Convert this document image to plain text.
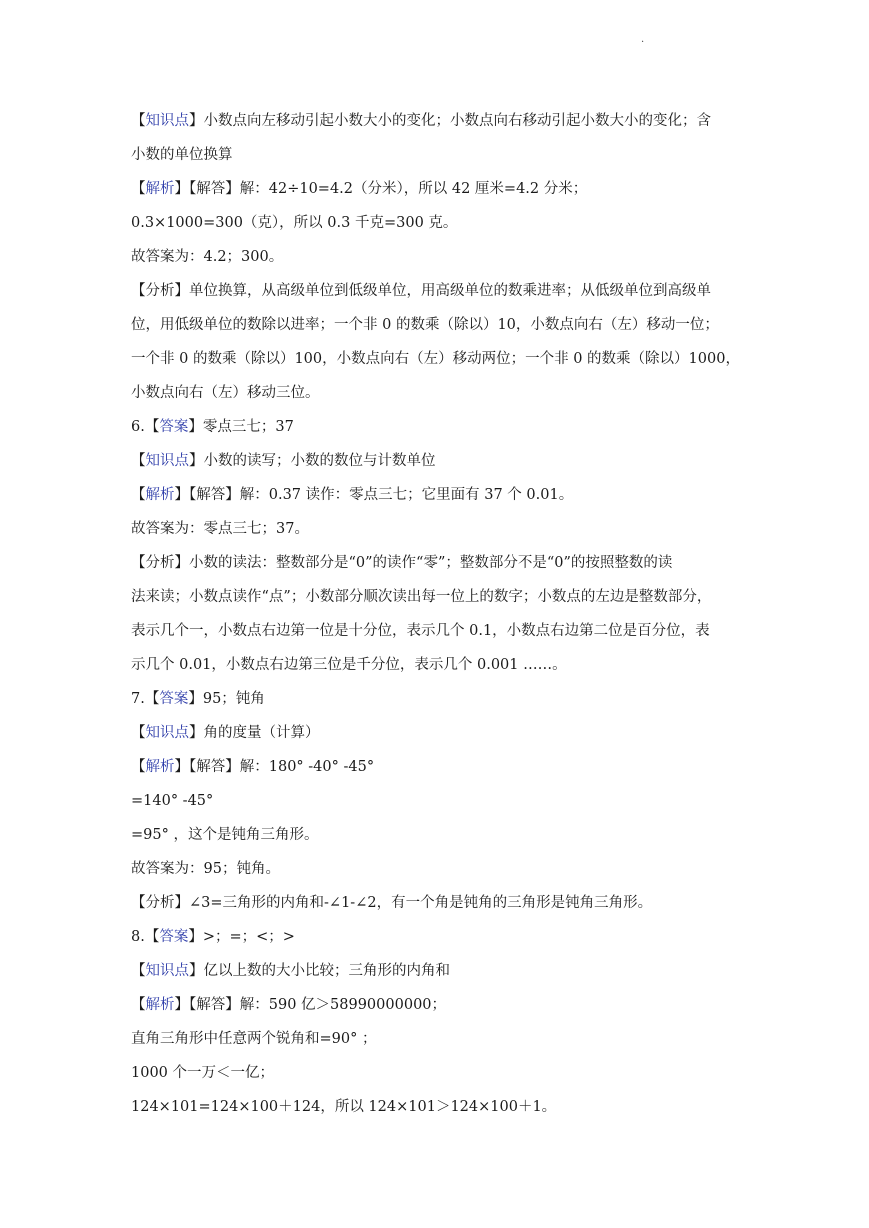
.
【知识点】小数点向左移动引起小数大小的变化；小数点向右移动引起小数大小的变化；含
小数的单位换算
【解析】【解答】解：42÷10=4.2（分米），所以 42 厘米=4.2 分米；
0.3×1000=300（克），所以 0.3 千克=300 克。
故答案为：4.2；300。
【分析】单位换算，从高级单位到低级单位，用高级单位的数乘进率；从低级单位到高级单
位，用低级单位的数除以进率；一个非 0 的数乘（除以）10，小数点向右（左）移动一位；
一个非 0 的数乘（除以）100，小数点向右（左）移动两位；一个非 0 的数乘（除以）1000，
小数点向右（左）移动三位。
6.【答案】零点三七；37
【知识点】小数的读写；小数的数位与计数单位
【解析】【解答】解：0.37 读作：零点三七；它里面有 37 个 0.01。
故答案为：零点三七；37。
【分析】小数的读法：整数部分是“0”的读作“零”；整数部分不是“0”的按照整数的读
法来读；小数点读作“点”；小数部分顺次读出每一位上的数字；小数点的左边是整数部分，
表示几个一，小数点右边第一位是十分位，表示几个 0.1，小数点右边第二位是百分位，表
示几个 0.01，小数点右边第三位是千分位，表示几个 0.001 ……。
7.【答案】95；钝角
【知识点】角的度量（计算）
【解析】【解答】解：180° -40° -45°
=140° -45°
=95° ，这个是钝角三角形。
故答案为：95；钝角。
【分析】∠3=三角形的内角和-∠1-∠2，有一个角是钝角的三角形是钝角三角形。
8.【答案】>；=；<；>
【知识点】亿以上数的大小比较；三角形的内角和
【解析】【解答】解：590 亿＞58990000000；
直角三角形中任意两个锐角和=90° ；
1000 个一万＜一亿；
124×101=124×100＋124，所以 124×101＞124×100＋1。
